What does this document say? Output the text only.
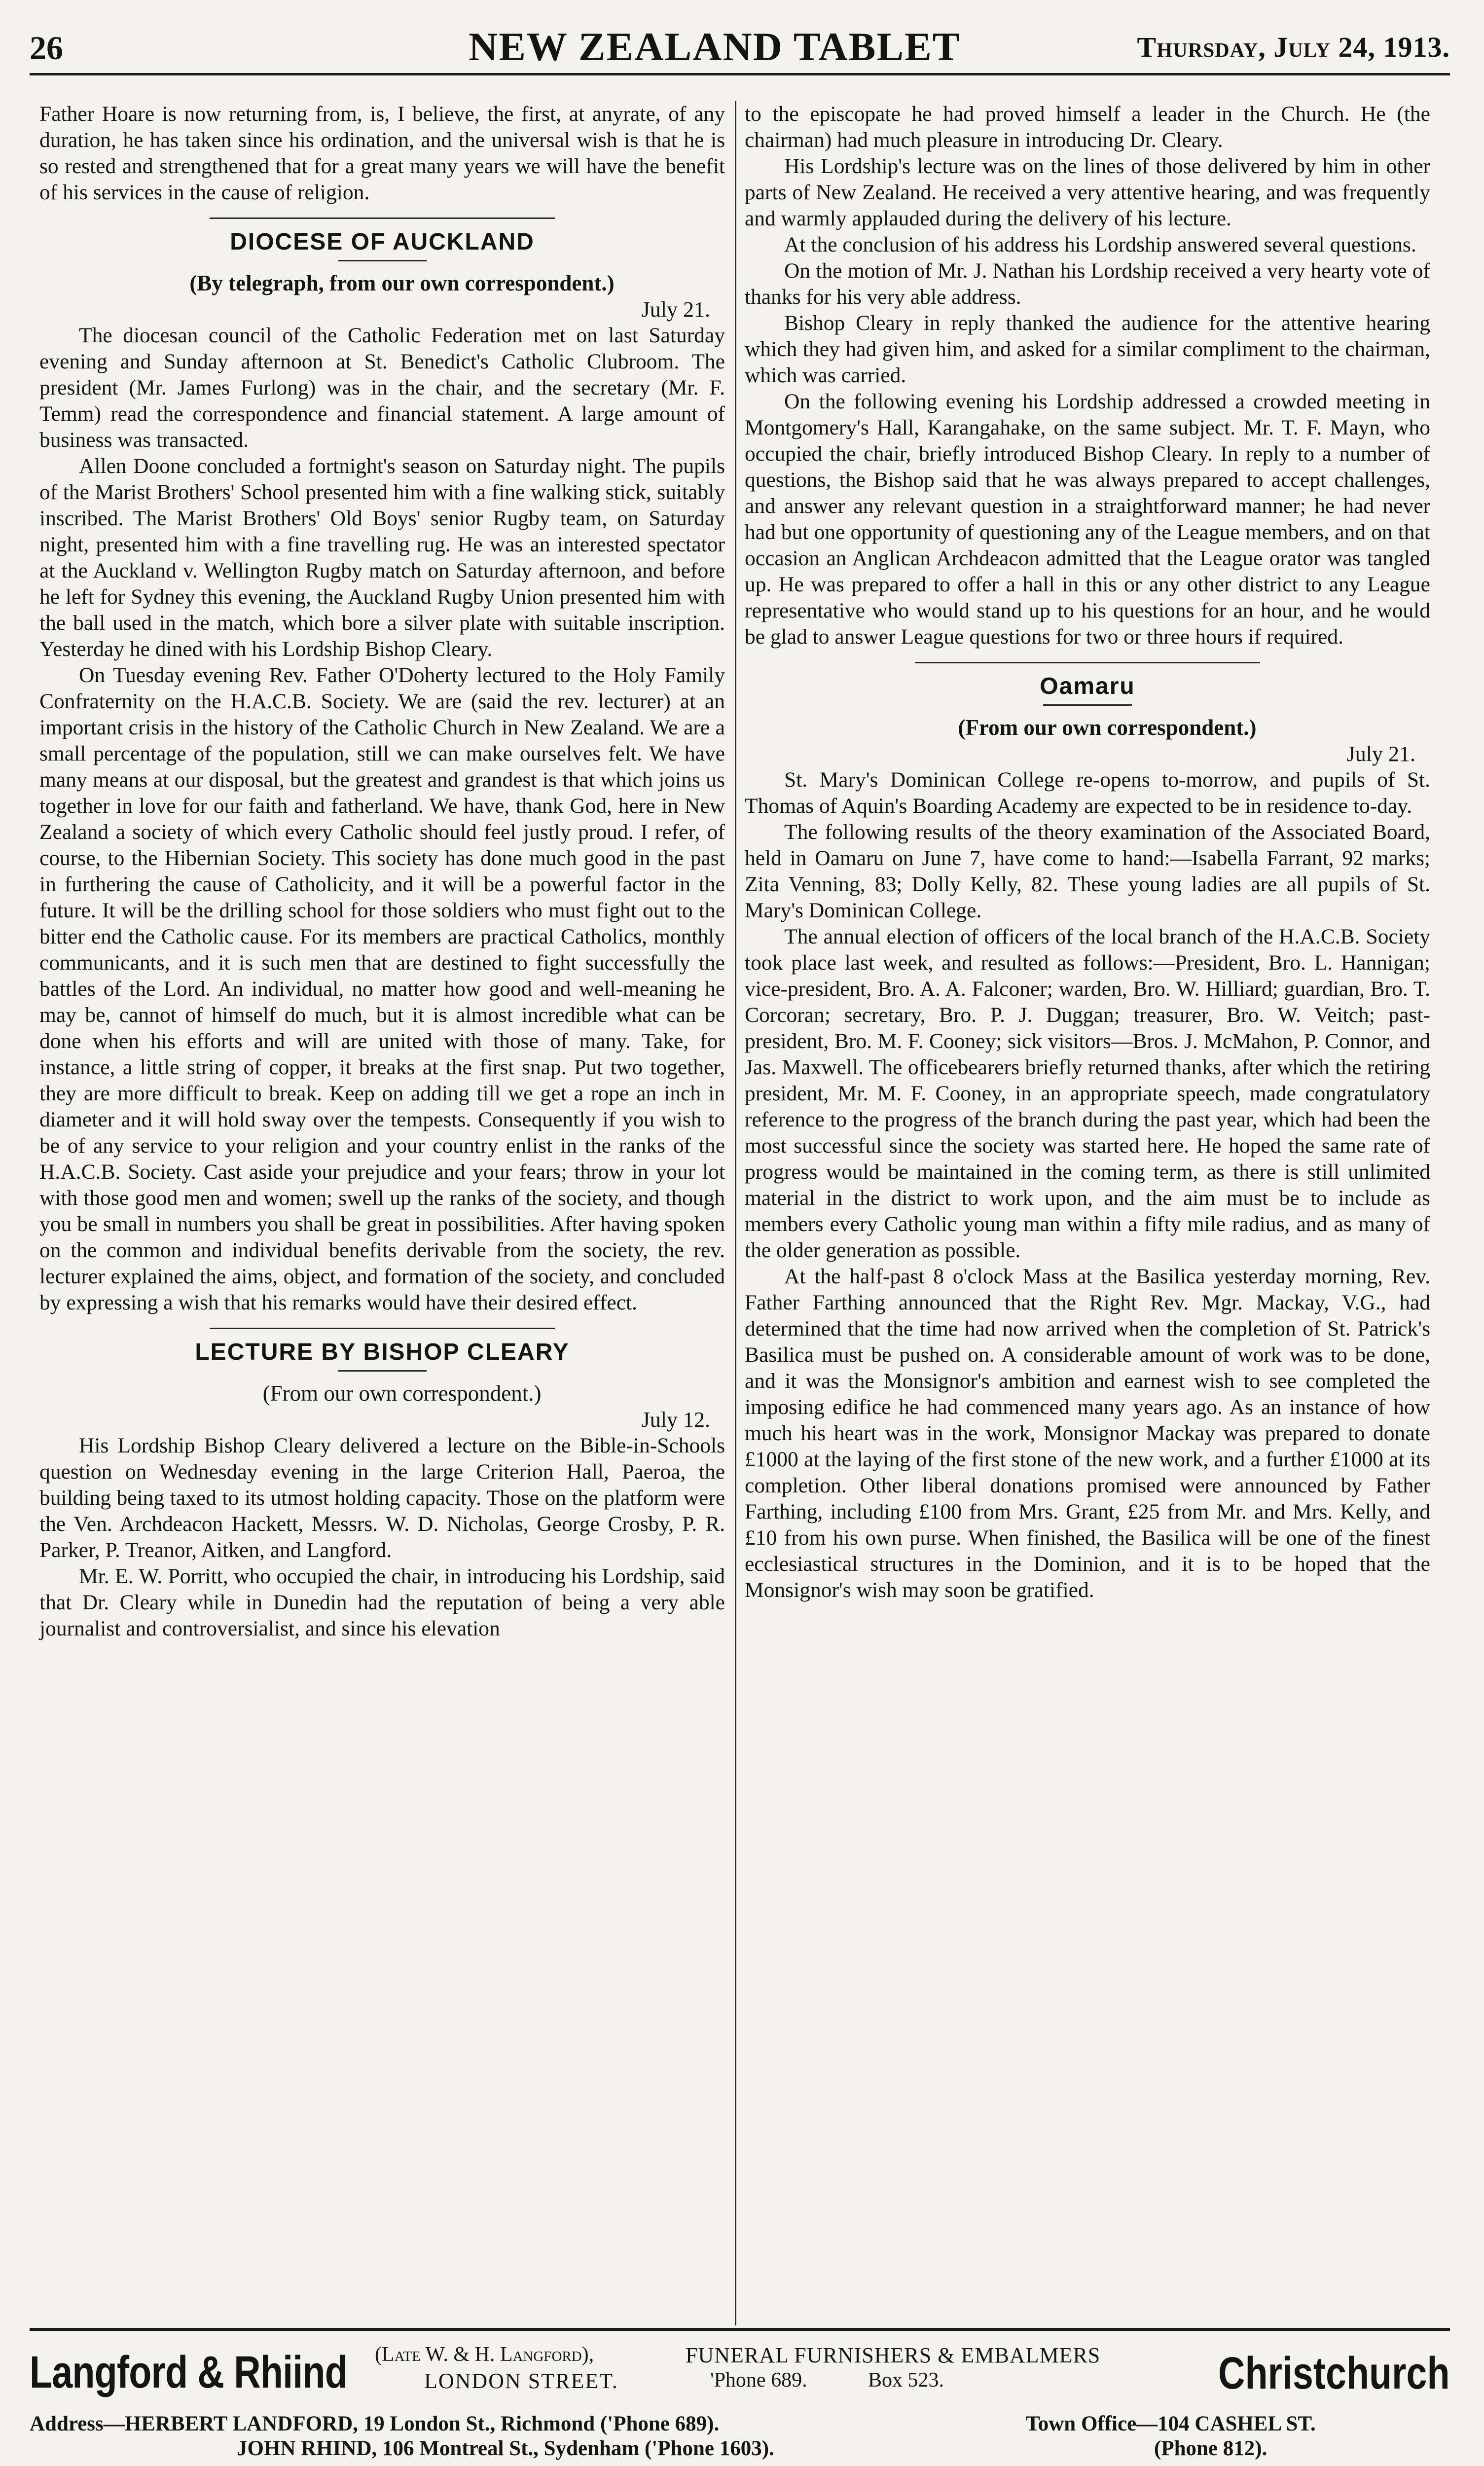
26	NEW ZEALAND TABLET	Thursday, July 24, 1913.

Father Hoare is now returning from, is, I believe, the first, at anyrate, of any duration, he has taken since his ordination, and the universal wish is that he is so rested and strengthened that for a great many years we will have the benefit of his services in the cause of religion.

DIOCESE OF AUCKLAND

(By telegraph, from our own correspondent.)

July 21.

The diocesan council of the Catholic Federation met on last Saturday evening and Sunday afternoon at St. Benedict's Catholic Clubroom. The president (Mr. James Furlong) was in the chair, and the secretary (Mr. F. Temm) read the correspondence and financial statement. A large amount of business was transacted.

Allen Doone concluded a fortnight's season on Saturday night. The pupils of the Marist Brothers' School presented him with a fine walking stick, suitably inscribed. The Marist Brothers' Old Boys' senior Rugby team, on Saturday night, presented him with a fine travelling rug. He was an interested spectator at the Auckland v. Wellington Rugby match on Saturday afternoon, and before he left for Sydney this evening, the Auckland Rugby Union presented him with the ball used in the match, which bore a silver plate with suitable inscription. Yesterday he dined with his Lordship Bishop Cleary.

On Tuesday evening Rev. Father O'Doherty lectured to the Holy Family Confraternity on the H.A.C.B. Society. We are (said the rev. lecturer) at an important crisis in the history of the Catholic Church in New Zealand. We are a small percentage of the population, still we can make ourselves felt. We have many means at our disposal, but the greatest and grandest is that which joins us together in love for our faith and fatherland. We have, thank God, here in New Zealand a society of which every Catholic should feel justly proud. I refer, of course, to the Hibernian Society. This society has done much good in the past in furthering the cause of Catholicity, and it will be a powerful factor in the future. It will be the drilling school for those soldiers who must fight out to the bitter end the Catholic cause. For its members are practical Catholics, monthly communicants, and it is such men that are destined to fight successfully the battles of the Lord. An individual, no matter how good and well-meaning he may be, cannot of himself do much, but it is almost incredible what can be done when his efforts and will are united with those of many. Take, for instance, a little string of copper, it breaks at the first snap. Put two together, they are more difficult to break. Keep on adding till we get a rope an inch in diameter and it will hold sway over the tempests. Consequently if you wish to be of any service to your religion and your country enlist in the ranks of the H.A.C.B. Society. Cast aside your prejudice and your fears; throw in your lot with those good men and women; swell up the ranks of the society, and though you be small in numbers you shall be great in possibilities. After having spoken on the common and individual benefits derivable from the society, the rev. lecturer explained the aims, object, and formation of the society, and concluded by expressing a wish that his remarks would have their desired effect.

LECTURE BY BISHOP CLEARY

(From our own correspondent.)

July 12.

His Lordship Bishop Cleary delivered a lecture on the Bible-in-Schools question on Wednesday evening in the large Criterion Hall, Paeroa, the building being taxed to its utmost holding capacity. Those on the platform were the Ven. Archdeacon Hackett, Messrs. W. D. Nicholas, George Crosby, P. R. Parker, P. Treanor, Aitken, and Langford.

Mr. E. W. Porritt, who occupied the chair, in introducing his Lordship, said that Dr. Cleary while in Dunedin had the reputation of being a very able journalist and controversialist, and since his elevation

to the episcopate he had proved himself a leader in the Church. He (the chairman) had much pleasure in introducing Dr. Cleary.

His Lordship's lecture was on the lines of those delivered by him in other parts of New Zealand. He received a very attentive hearing, and was frequently and warmly applauded during the delivery of his lecture.

At the conclusion of his address his Lordship answered several questions.

On the motion of Mr. J. Nathan his Lordship received a very hearty vote of thanks for his very able address.

Bishop Cleary in reply thanked the audience for the attentive hearing which they had given him, and asked for a similar compliment to the chairman, which was carried.

On the following evening his Lordship addressed a crowded meeting in Montgomery's Hall, Karangahake, on the same subject. Mr. T. F. Mayn, who occupied the chair, briefly introduced Bishop Cleary. In reply to a number of questions, the Bishop said that he was always prepared to accept challenges, and answer any relevant question in a straightforward manner; he had never had but one opportunity of questioning any of the League members, and on that occasion an Anglican Archdeacon admitted that the League orator was tangled up. He was prepared to offer a hall in this or any other district to any League representative who would stand up to his questions for an hour, and he would be glad to answer League questions for two or three hours if required.

Oamaru

(From our own correspondent.)

July 21.

St. Mary's Dominican College re-opens to-morrow, and pupils of St. Thomas of Aquin's Boarding Academy are expected to be in residence to-day.

The following results of the theory examination of the Associated Board, held in Oamaru on June 7, have come to hand:—Isabella Farrant, 92 marks; Zita Venning, 83; Dolly Kelly, 82. These young ladies are all pupils of St. Mary's Dominican College.

The annual election of officers of the local branch of the H.A.C.B. Society took place last week, and resulted as follows:—President, Bro. L. Hannigan; vice-president, Bro. A. A. Falconer; warden, Bro. W. Hilliard; guardian, Bro. T. Corcoran; secretary, Bro. P. J. Duggan; treasurer, Bro. W. Veitch; past-president, Bro. M. F. Cooney; sick visitors—Bros. J. McMahon, P. Connor, and Jas. Maxwell. The officebearers briefly returned thanks, after which the retiring president, Mr. M. F. Cooney, in an appropriate speech, made congratulatory reference to the progress of the branch during the past year, which had been the most successful since the society was started here. He hoped the same rate of progress would be maintained in the coming term, as there is still unlimited material in the district to work upon, and the aim must be to include as members every Catholic young man within a fifty mile radius, and as many of the older generation as possible.

At the half-past 8 o'clock Mass at the Basilica yesterday morning, Rev. Father Farthing announced that the Right Rev. Mgr. Mackay, V.G., had determined that the time had now arrived when the completion of St. Patrick's Basilica must be pushed on. A considerable amount of work was to be done, and it was the Monsignor's ambition and earnest wish to see completed the imposing edifice he had commenced many years ago. As an instance of how much his heart was in the work, Monsignor Mackay was prepared to donate £1000 at the laying of the first stone of the new work, and a further £1000 at its completion. Other liberal donations promised were announced by Father Farthing, including £100 from Mrs. Grant, £25 from Mr. and Mrs. Kelly, and £10 from his own purse. When finished, the Basilica will be one of the finest ecclesiastical structures in the Dominion, and it is to be hoped that the Monsignor's wish may soon be gratified.

Langford & Rhiind (Late W. & H. Langford),	FUNERAL FURNISHERS & EMBALMERS
LONDON STREET.	'Phone 689.	Box 523.	Christchurch
Address—HERBERT LANDFORD, 19 London St., Richmond ('Phone 689).
JOHN RHIND, 106 Montreal St., Sydenham ('Phone 1603).
Town Office—104 CASHEL ST.
(Phone 812).
